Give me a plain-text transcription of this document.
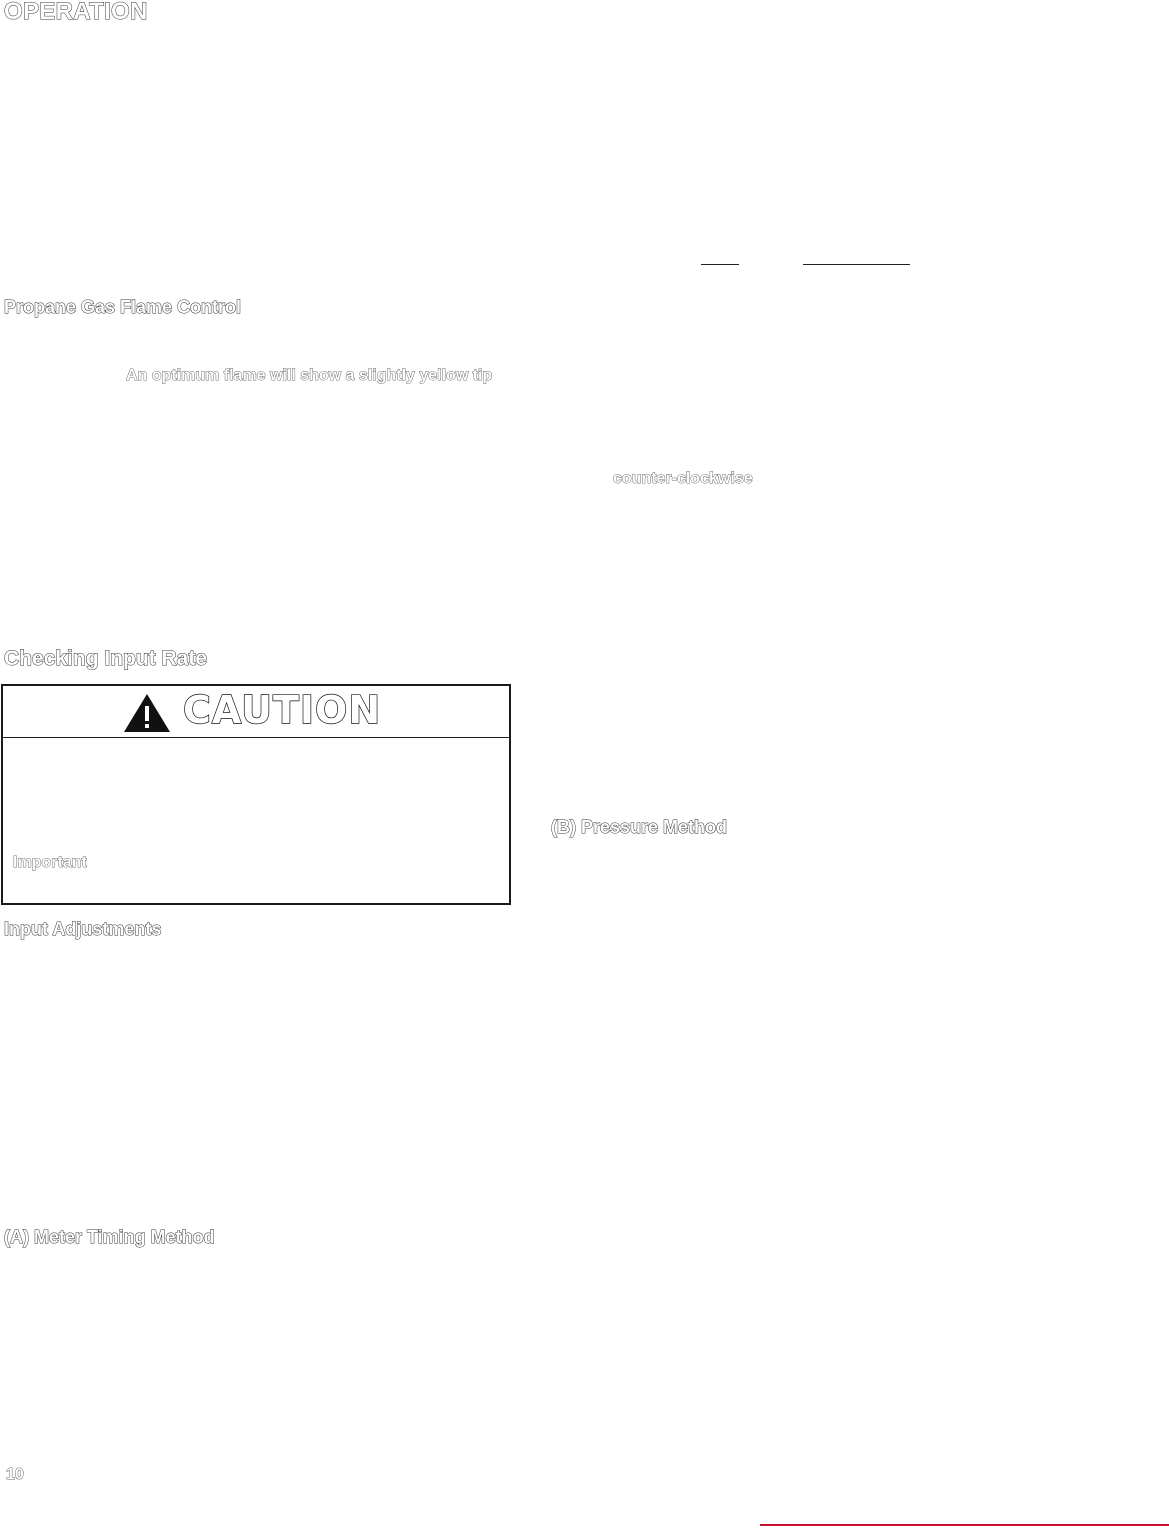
OPERATION
Propane Gas Flame Control
An optimum flame will show a slightly yellow tip
counter-clockwise
Checking Input Rate
CAUTION
Important
(B) Pressure Method
Input Adjustments
(A) Meter Timing Method
10
